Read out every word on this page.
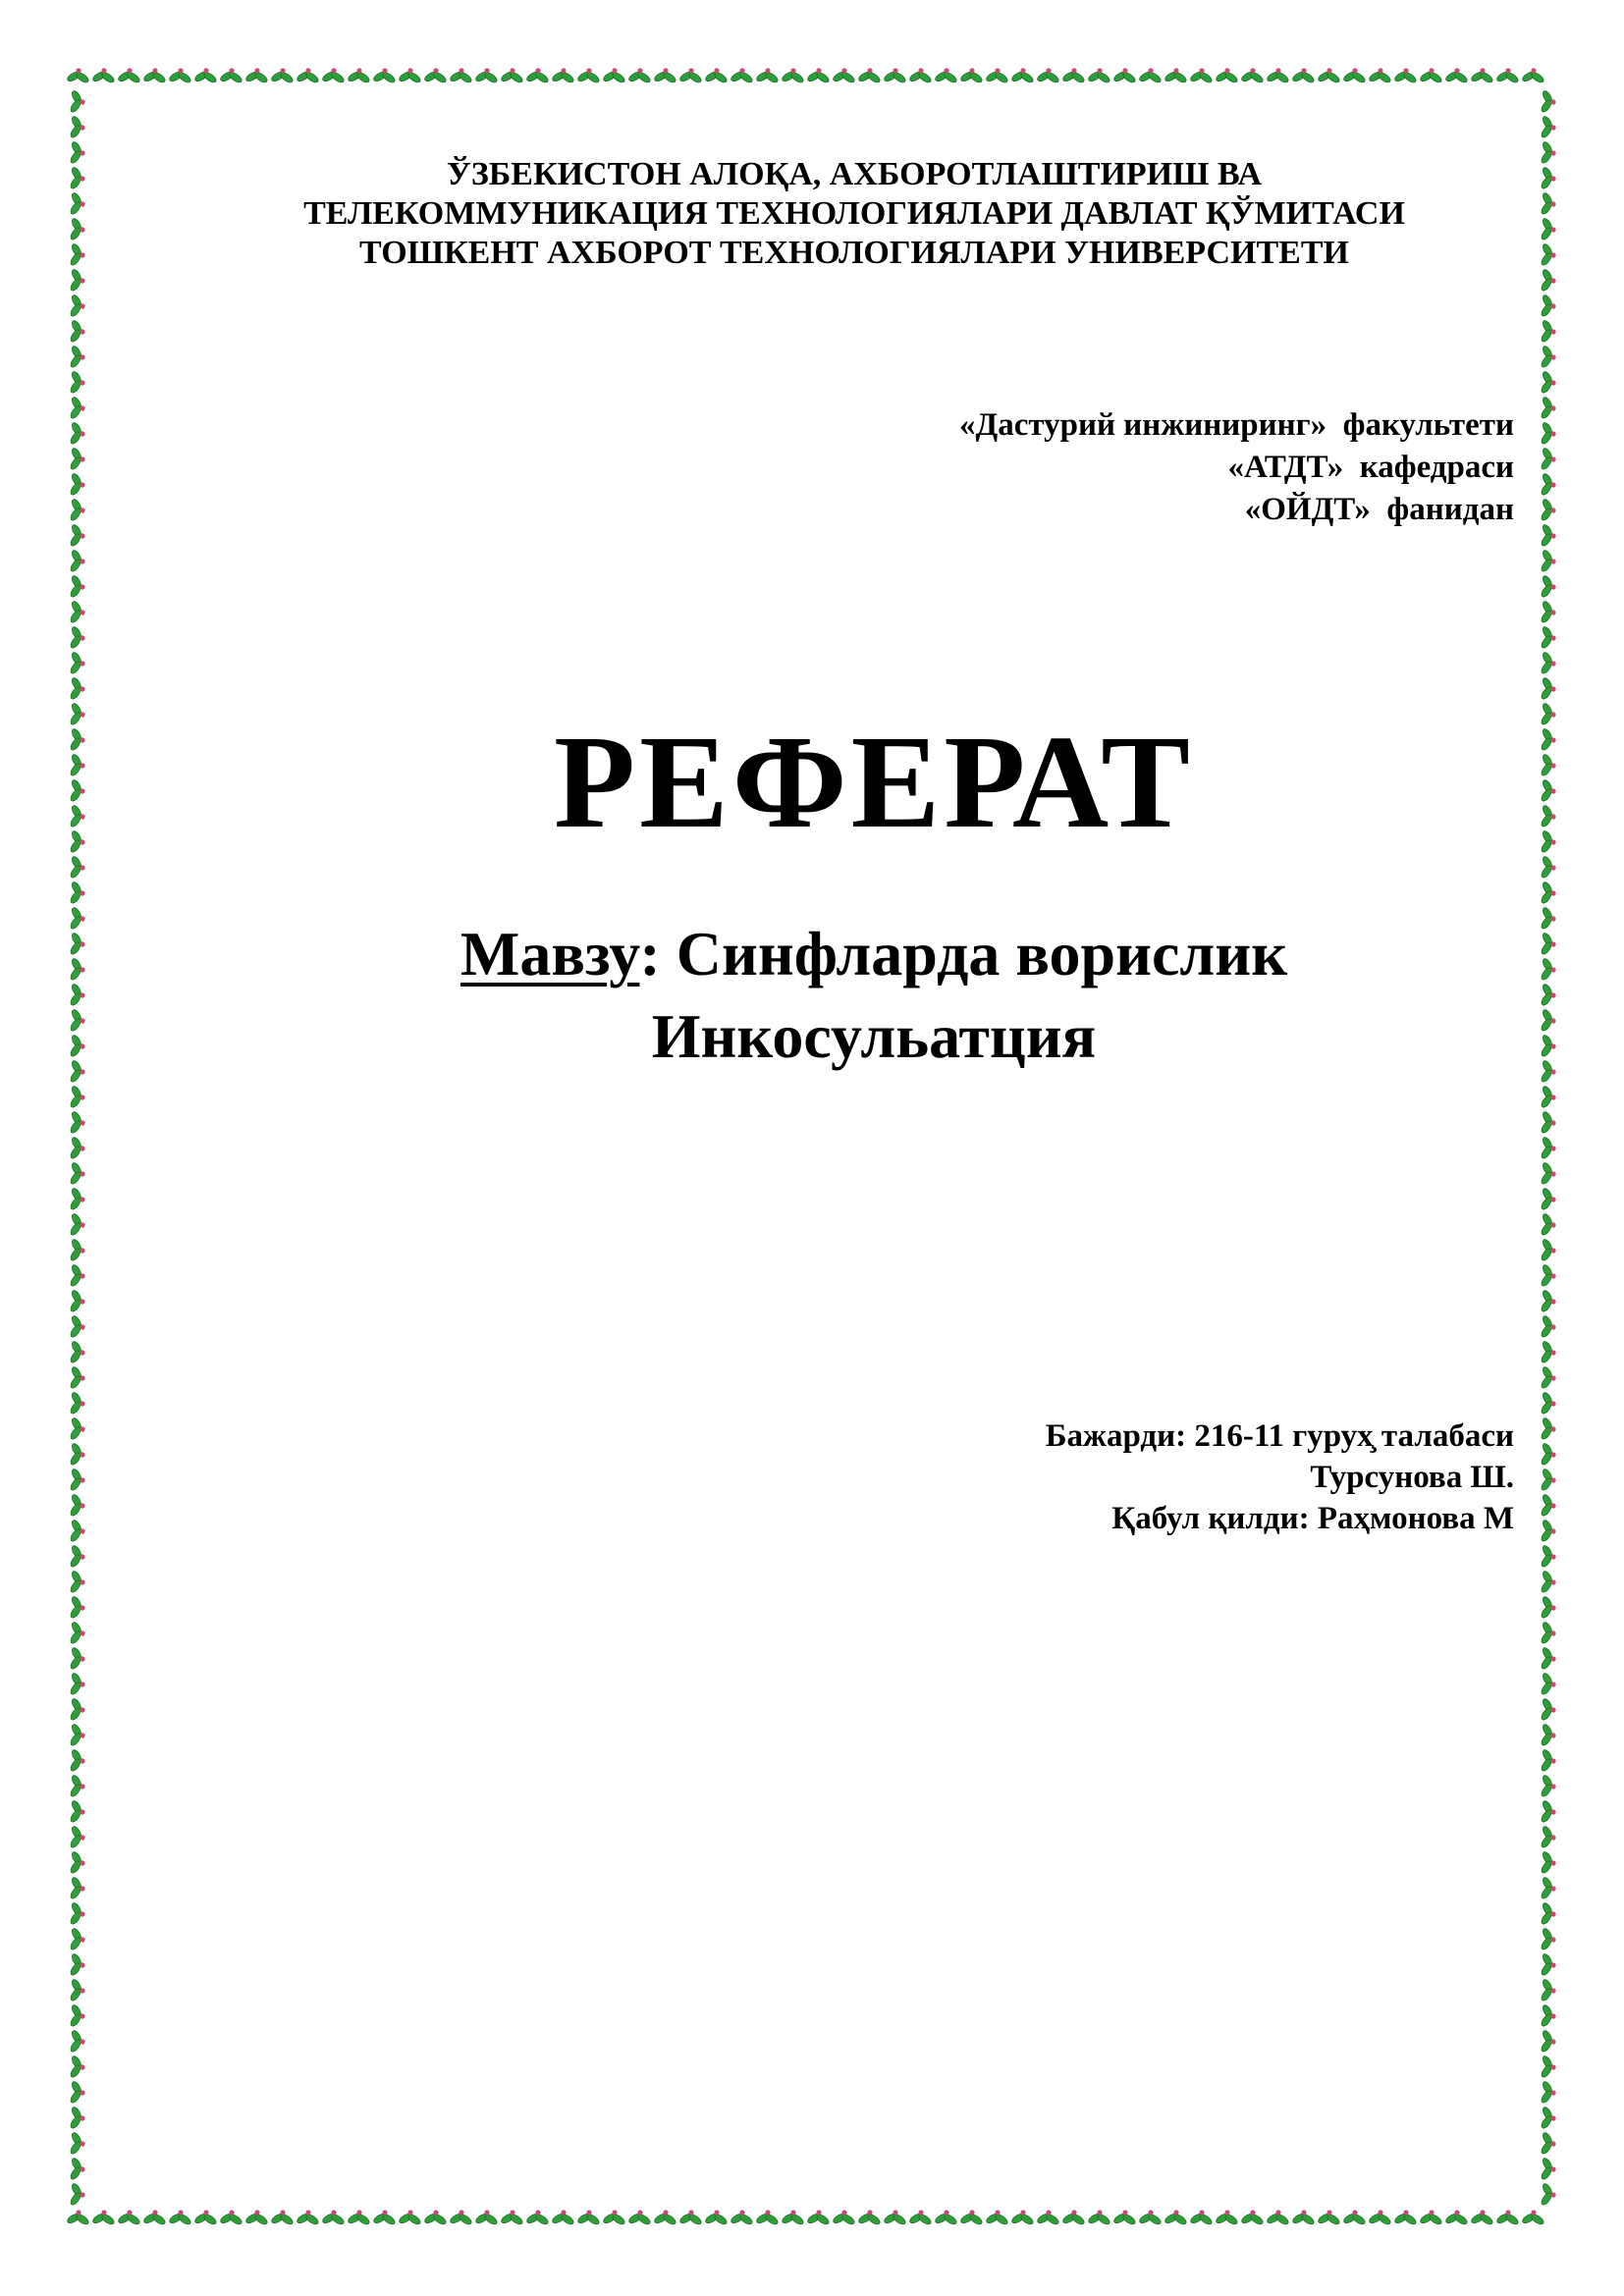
ЎЗБЕКИСТОН АЛОҚА, АХБОРОТЛАШТИРИШ ВА
ТЕЛЕКОММУНИКАЦИЯ ТЕХНОЛОГИЯЛАРИ ДАВЛАТ ҚЎМИТАСИ
ТОШКЕНТ АХБОРОТ ТЕХНОЛОГИЯЛАРИ УНИВЕРСИТЕТИ
«Дастурий инжиниринг»  факультети
«АТДТ»  кафедраси
«ОЙДТ»  фанидан
РЕФЕРАТ
Мавзу: Синфларда ворислик
Инкосульатция
Бажарди: 216-11 гурух̧ талабаси
Турсунова Ш.
Қабул қилди: Раҳмонова М
